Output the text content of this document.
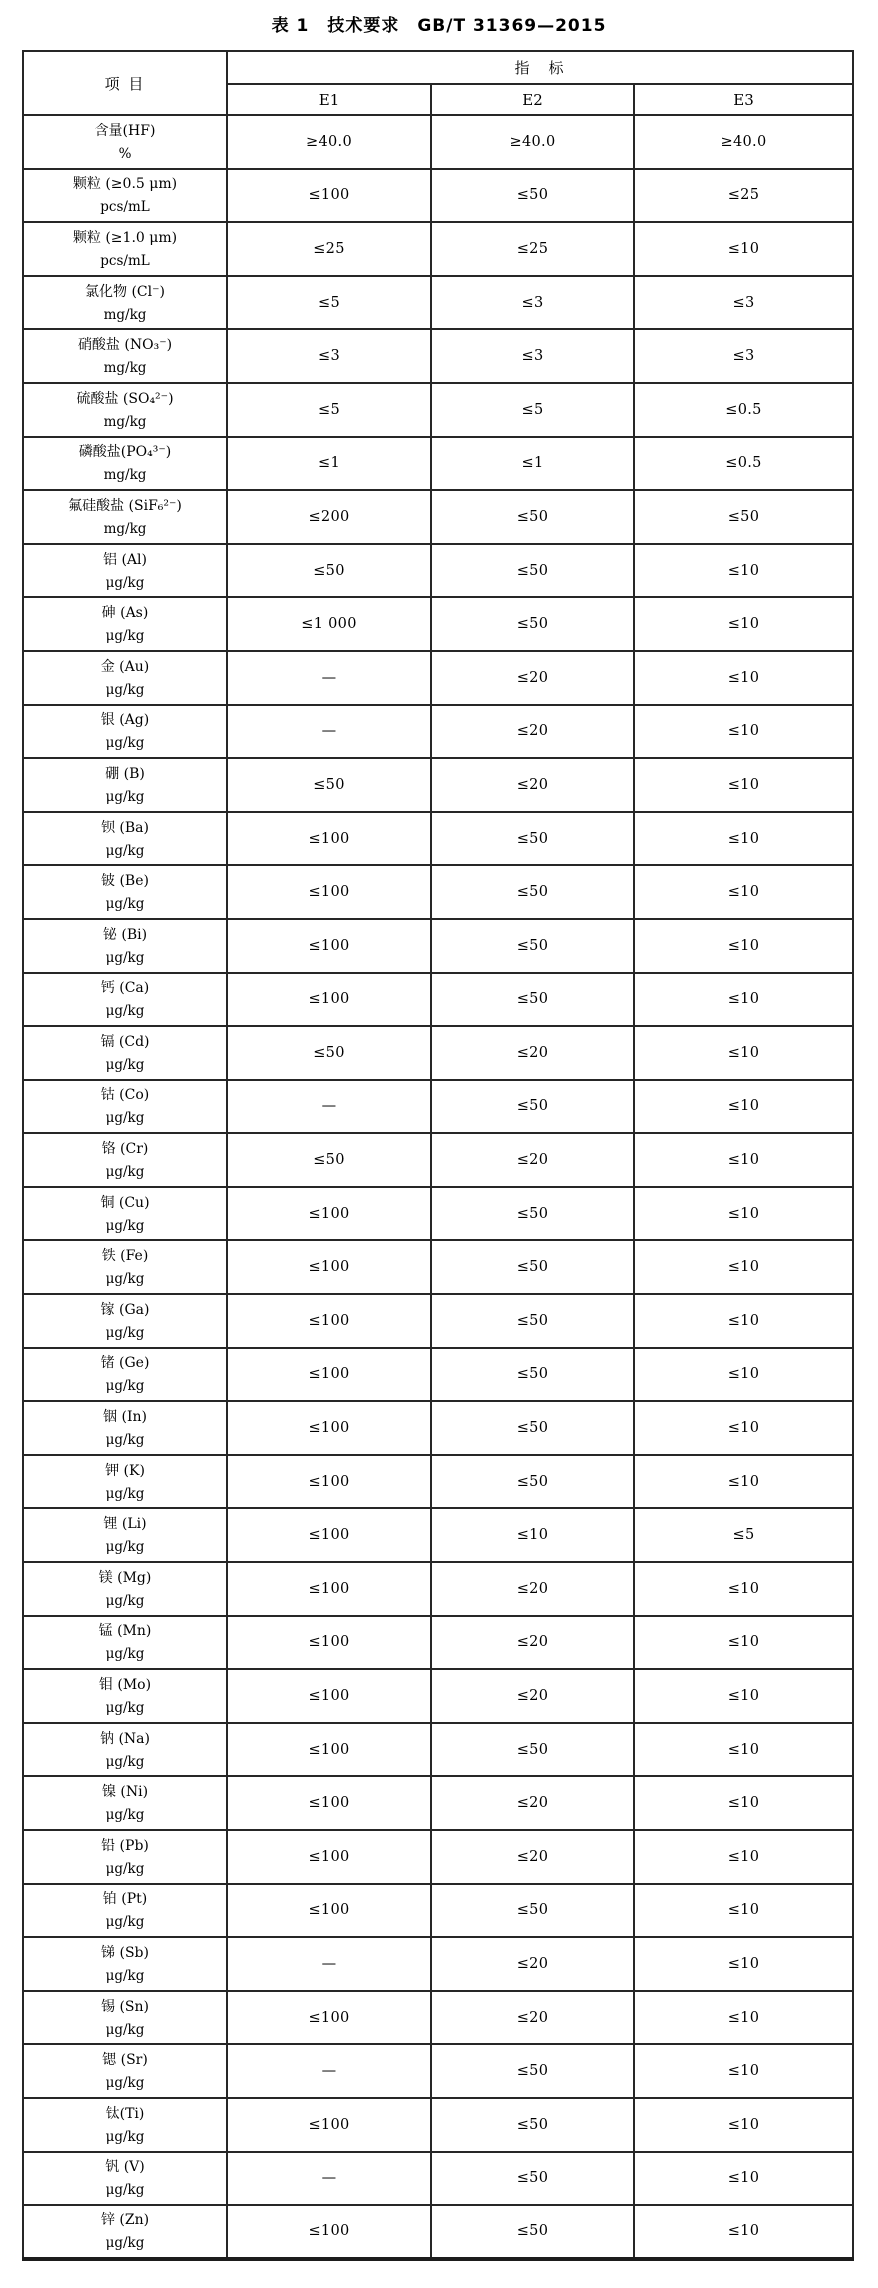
表 1　技术要求　GB/T 31369—2015
项 目	指　标		
	E1	E2	E3

含量(HF)
%	≥40.0	≥40.0	≥40.0

颗粒 (≥0.5 μm)
pcs/mL	≤100	≤50	≤25

颗粒 (≥1.0 μm)
pcs/mL	≤25	≤25	≤10

氯化物 (Cl⁻)
mg/kg	≤5	≤3	≤3

硝酸盐 (NO₃⁻)
mg/kg	≤3	≤3	≤3

硫酸盐 (SO₄²⁻)
mg/kg	≤5	≤5	≤0.5

磷酸盐(PO₄³⁻)
mg/kg	≤1	≤1	≤0.5

氟硅酸盐 (SiF₆²⁻)
mg/kg	≤200	≤50	≤50

铝 (Al)
μg/kg	≤50	≤50	≤10

砷 (As)
μg/kg	≤1 000	≤50	≤10

金 (Au)
μg/kg	—	≤20	≤10

银 (Ag)
μg/kg	—	≤20	≤10

硼 (B)
μg/kg	≤50	≤20	≤10

钡 (Ba)
μg/kg	≤100	≤50	≤10

铍 (Be)
μg/kg	≤100	≤50	≤10

铋 (Bi)
μg/kg	≤100	≤50	≤10

钙 (Ca)
μg/kg	≤100	≤50	≤10

镉 (Cd)
μg/kg	≤50	≤20	≤10

钴 (Co)
μg/kg	—	≤50	≤10

铬 (Cr)
μg/kg	≤50	≤20	≤10

铜 (Cu)
μg/kg	≤100	≤50	≤10

铁 (Fe)
μg/kg	≤100	≤50	≤10

镓 (Ga)
μg/kg	≤100	≤50	≤10

锗 (Ge)
μg/kg	≤100	≤50	≤10

铟 (In)
μg/kg	≤100	≤50	≤10

钾 (K)
μg/kg	≤100	≤50	≤10

锂 (Li)
μg/kg	≤100	≤10	≤5

镁 (Mg)
μg/kg	≤100	≤20	≤10

锰 (Mn)
μg/kg	≤100	≤20	≤10

钼 (Mo)
μg/kg	≤100	≤20	≤10

钠 (Na)
μg/kg	≤100	≤50	≤10

镍 (Ni)
μg/kg	≤100	≤20	≤10

铅 (Pb)
μg/kg	≤100	≤20	≤10

铂 (Pt)
μg/kg	≤100	≤50	≤10

锑 (Sb)
μg/kg	—	≤20	≤10

锡 (Sn)
μg/kg	≤100	≤20	≤10

锶 (Sr)
μg/kg	—	≤50	≤10

钛(Ti)
μg/kg	≤100	≤50	≤10

钒 (V)
μg/kg	—	≤50	≤10

锌 (Zn)
μg/kg	≤100	≤50	≤10
